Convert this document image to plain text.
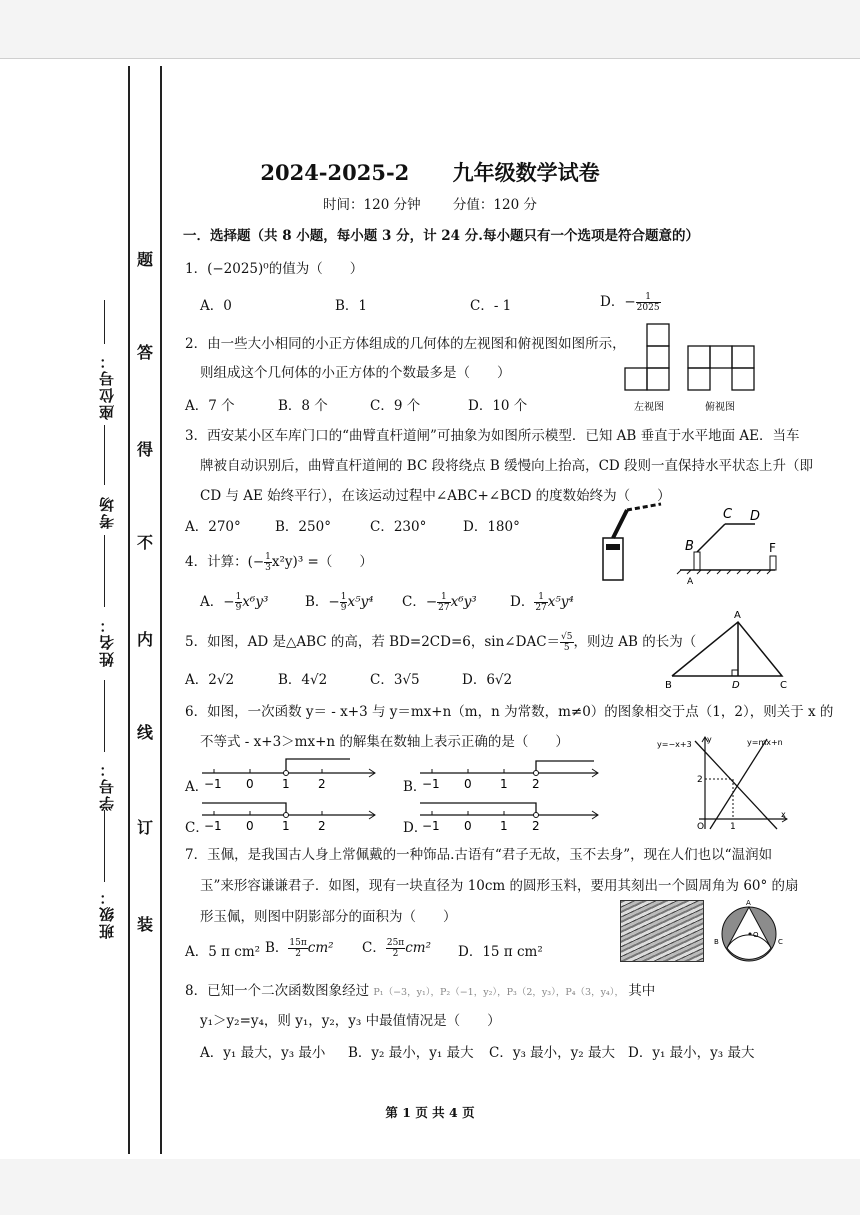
班级：
学号：
姓名：
考场
座位号：
装
订
线
内
不
得
答
题
2024-2025-2 九年级数学试卷
时间：120 分钟 分值：120 分
一．选择题（共 8 小题，每小题 3 分，计 24 分.每小题只有一个选项是符合题意的）
1．(−2025)⁰的值为（　　）
A．0	B．1	C．- 1	D．− $\frac{1}{2025}$
2．由一些大小相同的小正方体组成的几何体的左视图和俯视图如图所示，
则组成这个几何体的小正方体的个数最多是（　　）
A．7 个	B．8 个	C．9 个	D．10 个	左视图	俯视图
3．西安某小区车库门口的“曲臂直杆道闸”可抽象为如图所示模型．已知 AB 垂直于水平地面 AE．当车
牌被自动识别后，曲臂直杆道闸的 BC 段将绕点 B 缓慢向上抬高，CD 段则一直保持水平状态上升（即
CD 与 AE 始终平行），在该运动过程中∠ABC+∠BCD 的度数始终为（　　）
A．270°	B．250°	C．230°	D．180°
B
C D
F
A
4．计算：(− $\frac{1}{3} x^2y)^3$ =（　　）
A．− $\frac{1}{9} x^6y^3$	B．− $\frac{1}{9} x^5y^4$ C．− $\frac{1}{27} x^6y^3$ D． $\frac{1}{27} x^5y^4$
5．如图，AD 是△ABC 的高，若 BD=2CD=6，sin∠DAC＝ $\frac{√5}{5}$ ，则边 AB 的长为（
A．2√2	B．4√2	C．3√5	D．6√2
A
B	C
D
6．如图，一次函数 y＝ - x+3 与 y＝mx+n（m，n 为常数，m≠0）的图象相交于点（1，2），则关于 x 的
不等式 - x+3＞mx+n 的解集在数轴上表示正确的是（　　）
A．	B．
C．	D．
−1 0 1 2	−1 0 1 2
−1 0 1 2	−1 0 1 2
y=−x+3	y=mx+n
y
x
O	1
2
7．玉佩，是我国古人身上常佩戴的一种饰品.古语有“君子无故，玉不去身”，现在人们也以“温润如
玉”来形容谦谦君子．如图，现有一块直径为 10cm 的圆形玉料，要用其刻出一个圆周角为 60° 的扇
形玉佩，则图中阴影部分的面积为（　　）
A．5 π cm² B． $\frac{15\pi}{2} cm^2$ C． $\frac{25\pi}{2} cm^2$ D．15 π cm²
A
B	C
O
8．已知一个二次函数图象经过 P₁（−3，y₁），P₂（−1，y₂），P₃（2，y₃），P₄（3，y₄）， 其中
y₁＞y₂=y₄，则 y₁，y₂，y₃ 中最值情况是（　　）
A．y₁ 最大，y₃ 最小 B．y₂ 最小，y₁ 最大 C．y₃ 最小，y₂ 最大 D．y₁ 最小，y₃ 最大
第 1 页 共 4 页
